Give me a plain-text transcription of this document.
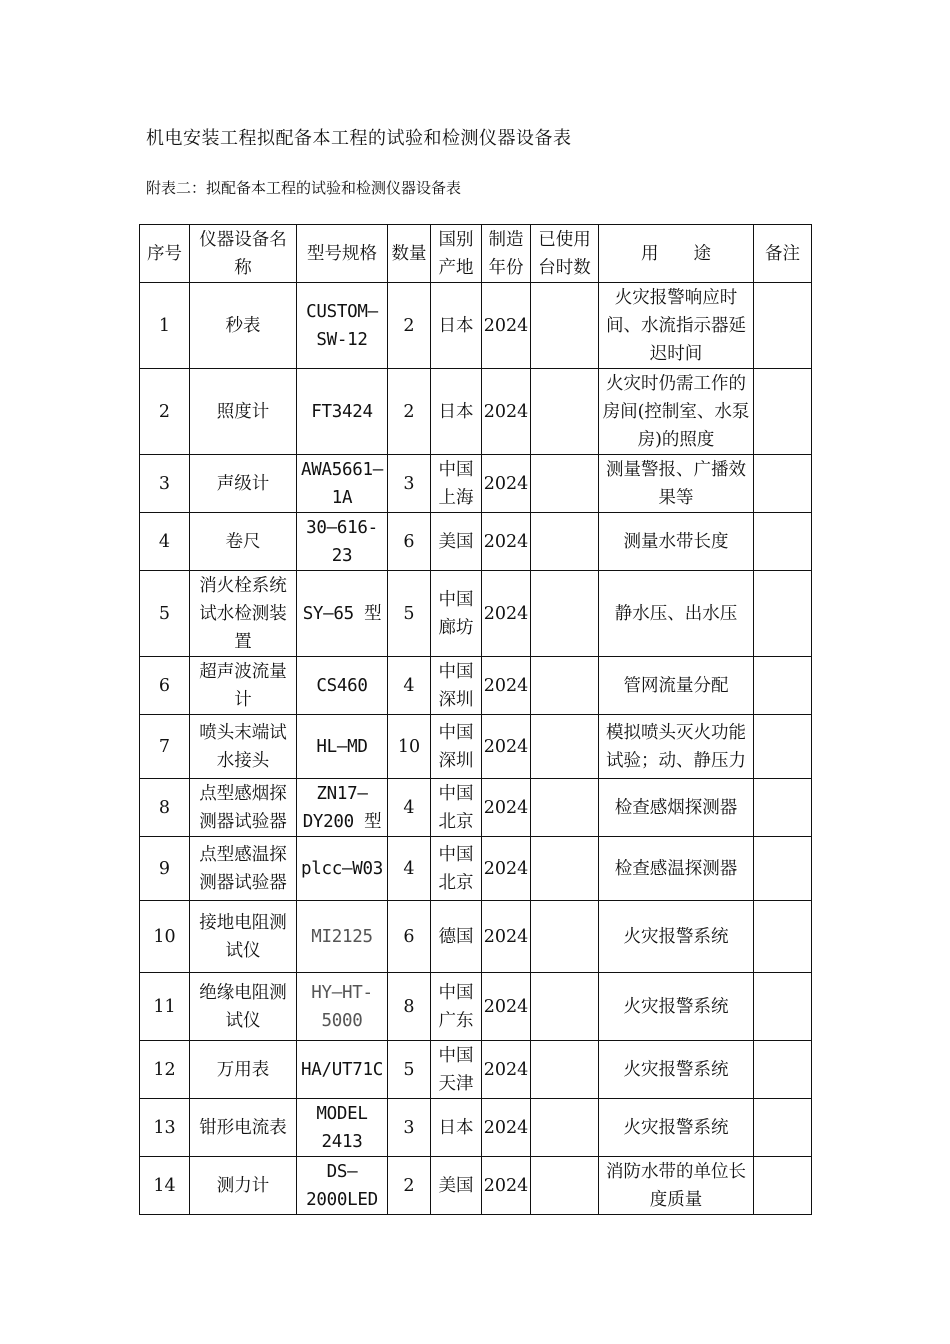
机电安装工程拟配备本工程的试验和检测仪器设备表
附表二：拟配备本工程的试验和检测仪器设备表
序号	仪器设备名称	型号规格	数量	国别产地	制造年份	已使用台时数	用　　途	备注
1	秒表	CUSTOM—SW-12	2	日本	2024		火灾报警响应时间、水流指示器延迟时间	
2	照度计	FT3424	2	日本	2024		火灾时仍需工作的房间(控制室、水泵房)的照度	
3	声级计	AWA5661—1A	3	中国上海	2024		测量警报、广播效果等	
4	卷尺	30—616-23	6	美国	2024		测量水带长度	
5	消火栓系统试水检测装置	SY—65 型	5	中国廊坊	2024		静水压、出水压	
6	超声波流量计	CS460	4	中国深圳	2024		管网流量分配	
7	喷头末端试水接头	HL—MD	10	中国深圳	2024		模拟喷头灭火功能试验；动、静压力	
8	点型感烟探测器试验器	ZN17—DY200 型	4	中国北京	2024		检查感烟探测器	
9	点型感温探测器试验器	plcc—W03	4	中国北京	2024		检查感温探测器	
10	接地电阻测试仪	MI2125	6	德国	2024		火灾报警系统	
11	绝缘电阻测试仪	HY—HT-5000	8	中国广东	2024		火灾报警系统	
12	万用表	HA/UT71C	5	中国天津	2024		火灾报警系统	
13	钳形电流表	MODEL 2413	3	日本	2024		火灾报警系统	
14	测力计	DS—2000LED	2	美国	2024		消防水带的单位长度质量	
